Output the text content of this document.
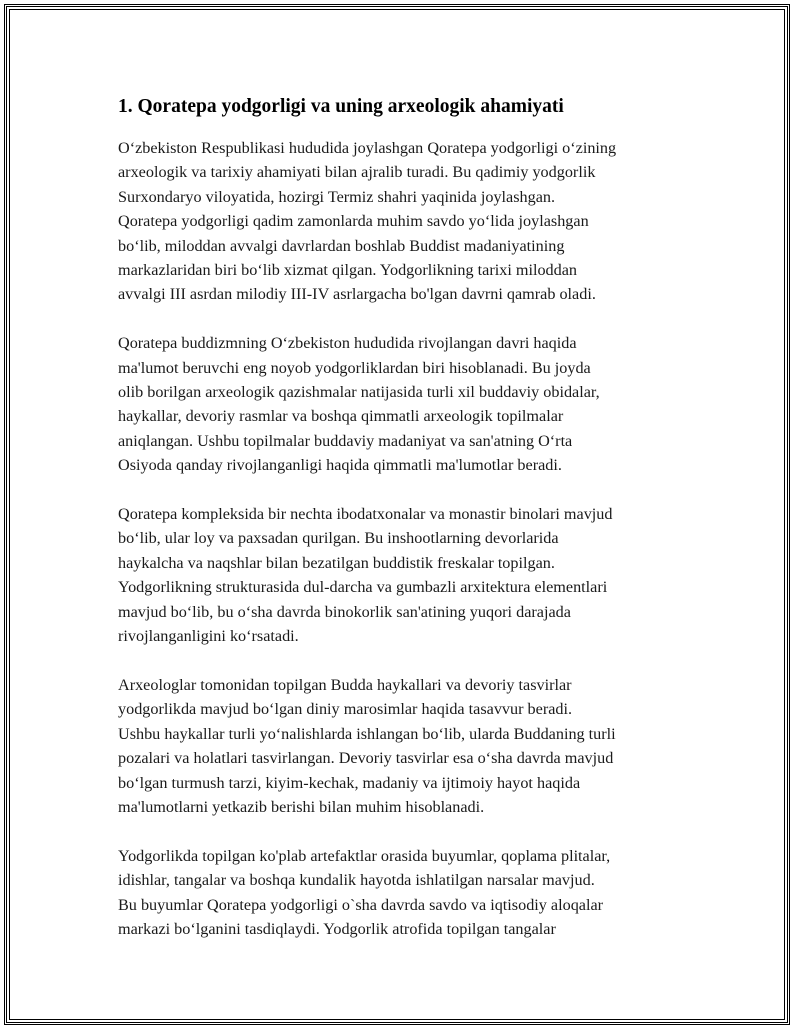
1. Qoratepa yodgorligi va uning arxeologik ahamiyati

O‘zbekiston Respublikasi hududida joylashgan Qoratepa yodgorligi o‘zining
arxeologik va tarixiy ahamiyati bilan ajralib turadi. Bu qadimiy yodgorlik
Surxondaryo viloyatida, hozirgi Termiz shahri yaqinida joylashgan.
Qoratepa yodgorligi qadim zamonlarda muhim savdo yo‘lida joylashgan
bo‘lib, miloddan avvalgi davrlardan boshlab Buddist madaniyatining
markazlaridan biri bo‘lib xizmat qilgan. Yodgorlikning tarixi miloddan
avvalgi III asrdan milodiy III-IV asrlargacha bo'lgan davrni qamrab oladi.

Qoratepa buddizmning O‘zbekiston hududida rivojlangan davri haqida
ma'lumot beruvchi eng noyob yodgorliklardan biri hisoblanadi. Bu joyda
olib borilgan arxeologik qazishmalar natijasida turli xil buddaviy obidalar,
haykallar, devoriy rasmlar va boshqa qimmatli arxeologik topilmalar
aniqlangan. Ushbu topilmalar buddaviy madaniyat va san'atning O‘rta
Osiyoda qanday rivojlanganligi haqida qimmatli ma'lumotlar beradi.

Qoratepa kompleksida bir nechta ibodatxonalar va monastir binolari mavjud
bo‘lib, ular loy va paxsadan qurilgan. Bu inshootlarning devorlarida
haykalcha va naqshlar bilan bezatilgan buddistik freskalar topilgan.
Yodgorlikning strukturasida dul-darcha va gumbazli arxitektura elementlari
mavjud bo‘lib, bu o‘sha davrda binokorlik san'atining yuqori darajada
rivojlanganligini ko‘rsatadi.

Arxeologlar tomonidan topilgan Budda haykallari va devoriy tasvirlar
yodgorlikda mavjud bo‘lgan diniy marosimlar haqida tasavvur beradi.
Ushbu haykallar turli yo‘nalishlarda ishlangan bo‘lib, ularda Buddaning turli
pozalari va holatlari tasvirlangan. Devoriy tasvirlar esa o‘sha davrda mavjud
bo‘lgan turmush tarzi, kiyim-kechak, madaniy va ijtimoiy hayot haqida
ma'lumotlarni yetkazib berishi bilan muhim hisoblanadi.

Yodgorlikda topilgan ko'plab artefaktlar orasida buyumlar, qoplama plitalar,
idishlar, tangalar va boshqa kundalik hayotda ishlatilgan narsalar mavjud.
Bu buyumlar Qoratepa yodgorligi o`sha davrda savdo va iqtisodiy aloqalar
markazi bo‘lganini tasdiqlaydi. Yodgorlik atrofida topilgan tangalar
